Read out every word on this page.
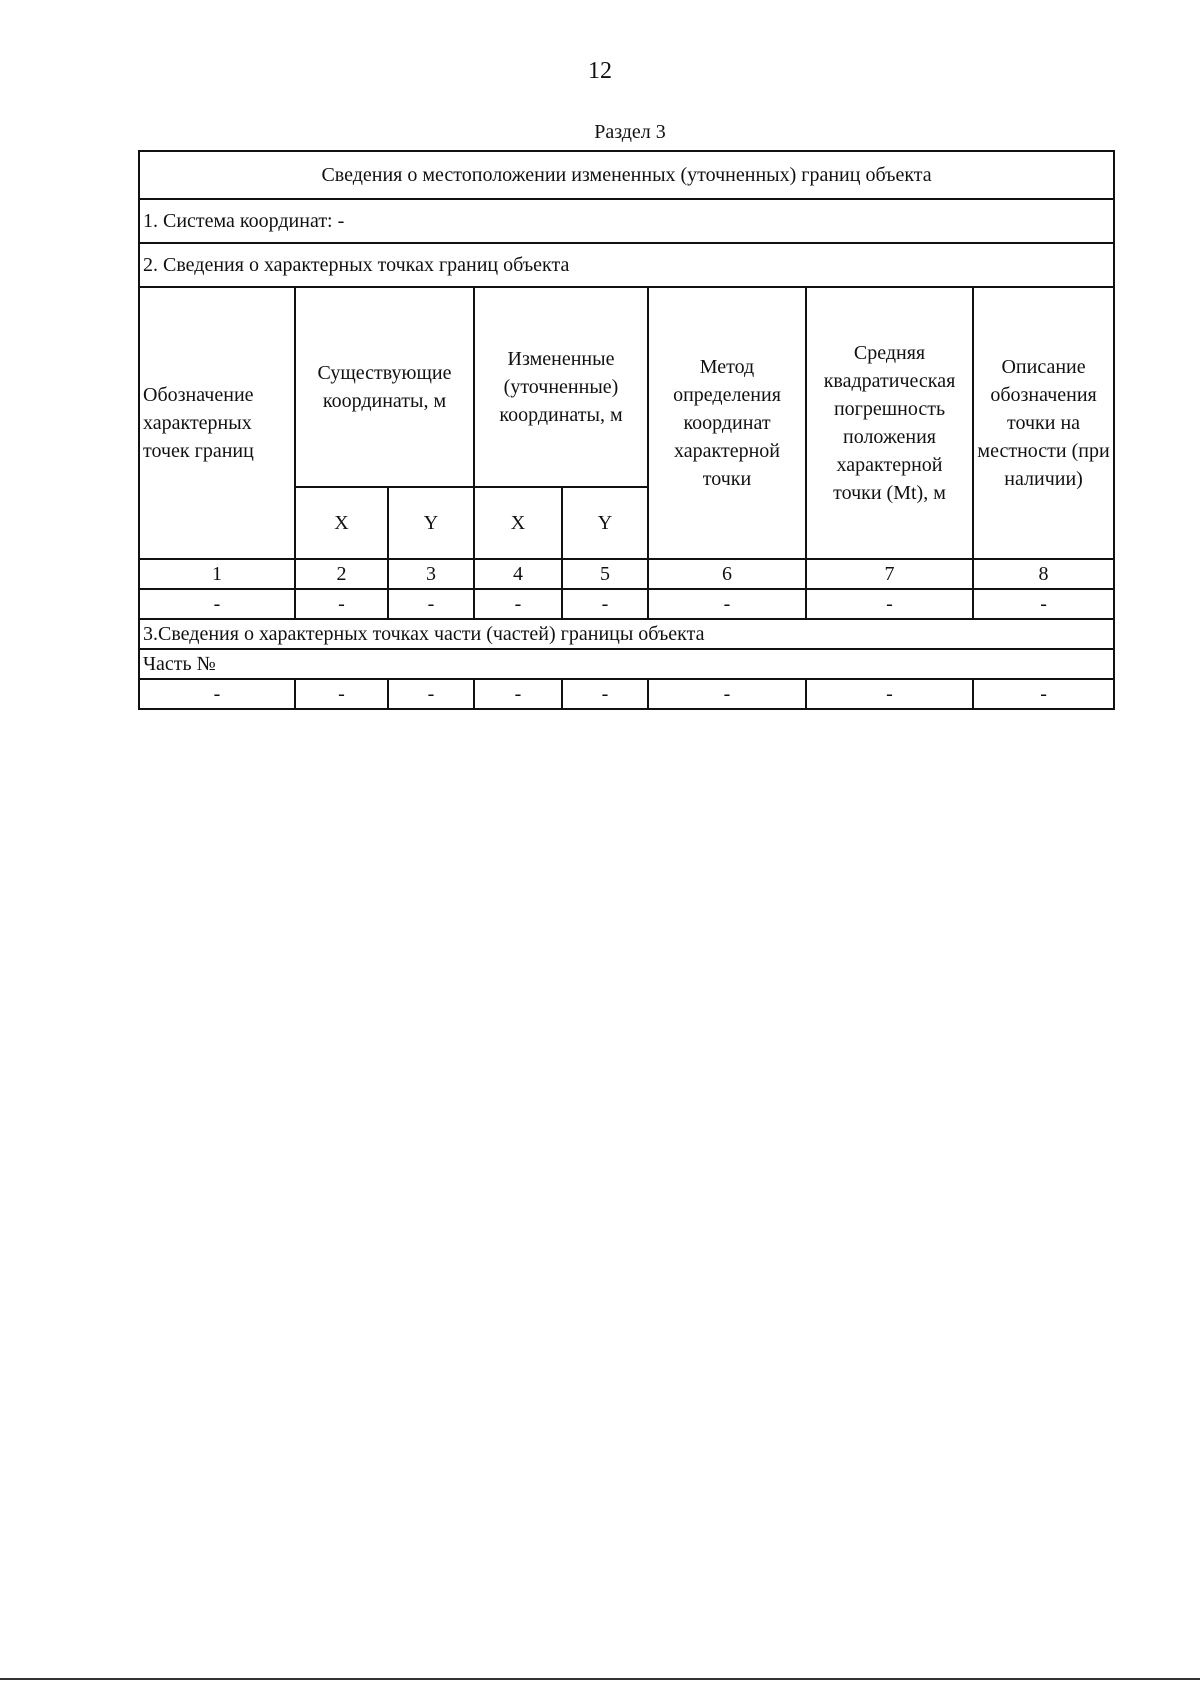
12
Раздел 3
Сведения о местоположении измененных (уточненных) границ объекта							
1. Система координат: -							
2. Сведения о характерных точках границ объекта							
Обозначение характерных точек границ	Существующие координаты, м		Измененные (уточненные) координаты, м		Метод определения координат характерной точки	Средняя квадратическая погрешность положения характерной точки (Mt), м	Описание обозначения точки на местности (при наличии)
	X	Y	X	Y			
1	2	3	4	5	6	7	8
-	-	-	-	-	-	-	-
3.Сведения о характерных точках части (частей) границы объекта							
Часть №							
-	-	-	-	-	-	-	-
